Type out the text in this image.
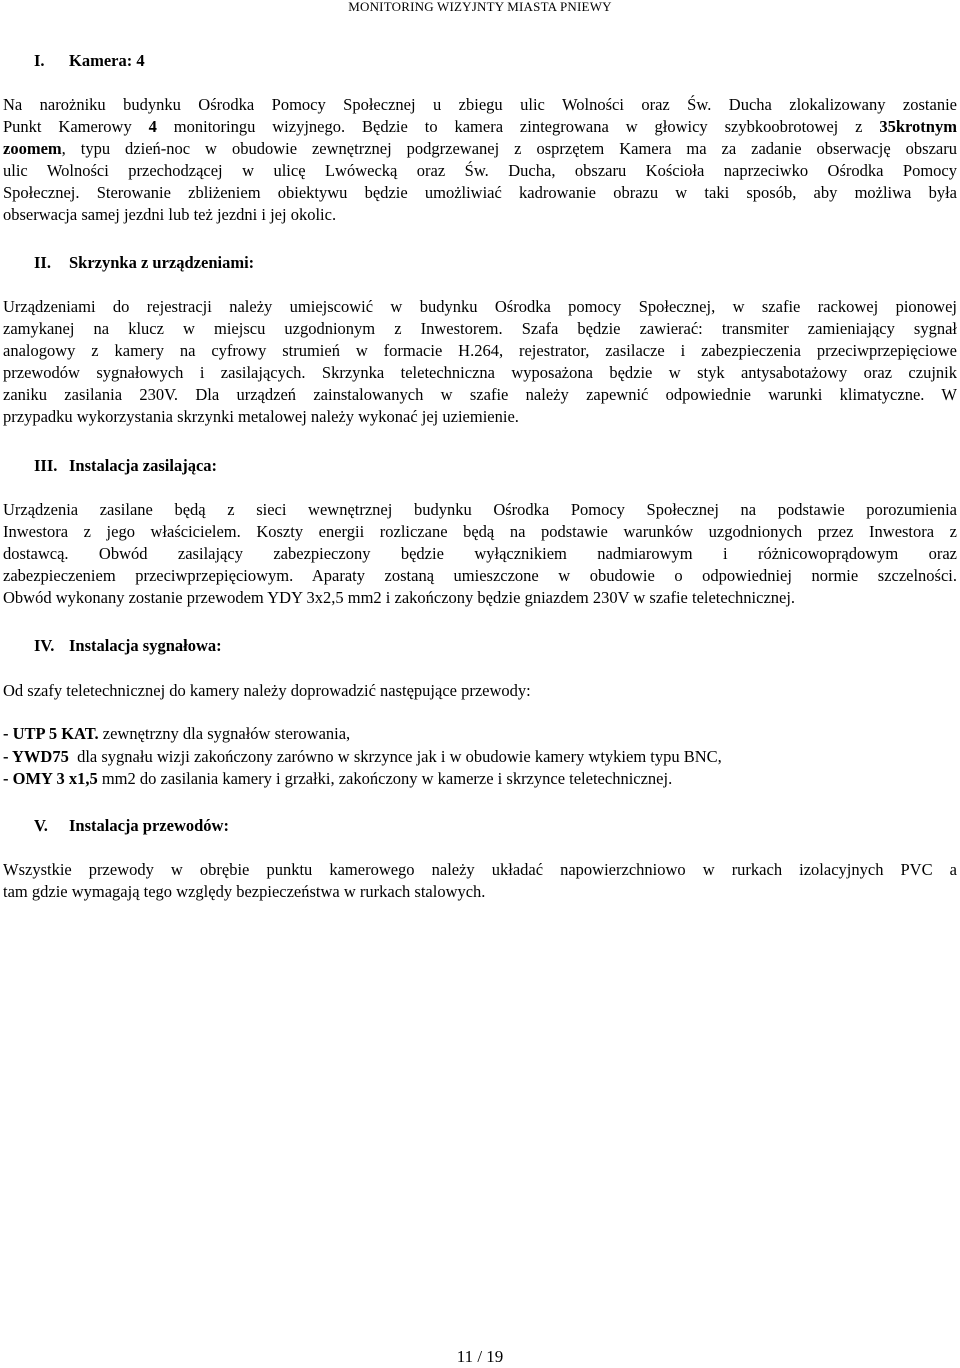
MONITORING WIZYJNTY MIASTA PNIEWY
I. Kamera: 4
Na narożniku budynku Ośrodka Pomocy Społecznej u zbiegu ulic Wolności oraz Św. Ducha zlokalizowany zostanie
Punkt Kamerowy 4 monitoringu wizyjnego. Będzie to kamera zintegrowana w głowicy szybkoobrotowej z 35krotnym
zoomem, typu dzień-noc w obudowie zewnętrznej podgrzewanej z osprzętem Kamera ma za zadanie obserwację obszaru
ulic Wolności przechodzącej w ulicę Lwówecką oraz Św. Ducha, obszaru Kościoła naprzeciwko Ośrodka Pomocy
Społecznej. Sterowanie zbliżeniem obiektywu będzie umożliwiać kadrowanie obrazu w taki sposób, aby możliwa była
obserwacja samej jezdni lub też jezdni i jej okolic.
II. Skrzynka z urządzeniami:
Urządzeniami do rejestracji należy umiejscowić w budynku Ośrodka pomocy Społecznej, w szafie rackowej pionowej
zamykanej na klucz w miejscu uzgodnionym z Inwestorem. Szafa będzie zawierać: transmiter zamieniający sygnał
analogowy z kamery na cyfrowy strumień w formacie H.264, rejestrator, zasilacze i zabezpieczenia przeciwprzepięciowe
przewodów sygnałowych i zasilających. Skrzynka teletechniczna wyposażona będzie w styk antysabotażowy oraz czujnik
zaniku zasilania 230V. Dla urządzeń zainstalowanych w szafie należy zapewnić odpowiednie warunki klimatyczne. W
przypadku wykorzystania skrzynki metalowej należy wykonać jej uziemienie.
III. Instalacja zasilająca:
Urządzenia zasilane będą z sieci wewnętrznej budynku Ośrodka Pomocy Społecznej na podstawie porozumienia
Inwestora z jego właścicielem. Koszty energii rozliczane będą na podstawie warunków uzgodnionych przez Inwestora z
dostawcą. Obwód zasilający zabezpieczony będzie wyłącznikiem nadmiarowym i różnicowoprądowym oraz
zabezpieczeniem przeciwprzepięciowym. Aparaty zostaną umieszczone w obudowie o odpowiedniej normie szczelności.
Obwód wykonany zostanie przewodem YDY 3x2,5 mm2 i zakończony będzie gniazdem 230V w szafie teletechnicznej.
IV. Instalacja sygnałowa:
Od szafy teletechnicznej do kamery należy doprowadzić następujące przewody:
- UTP 5 KAT. zewnętrzny dla sygnałów sterowania,
- YWD75  dla sygnału wizji zakończony zarówno w skrzynce jak i w obudowie kamery wtykiem typu BNC,
- OMY 3 x1,5 mm2 do zasilania kamery i grzałki, zakończony w kamerze i skrzynce teletechnicznej.
V. Instalacja przewodów:
Wszystkie przewody w obrębie punktu kamerowego należy układać napowierzchniowo w rurkach izolacyjnych PVC a
tam gdzie wymagają tego względy bezpieczeństwa w rurkach stalowych.
11 / 19
